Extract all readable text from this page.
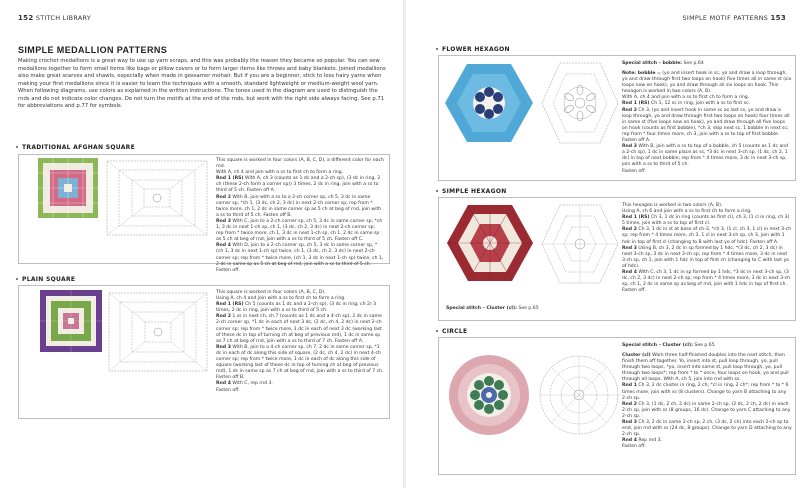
152 STITCH LIBRARY
SIMPLE MEDALLION PATTERNS
Making crochet medallions is a great way to use up yarn scraps, and this was probably the reason they became so popular. You can sew medallions together to form small items like bags or pillow covers or to form larger items like throws and baby blankets. Joined medallions also make great scarves and shawls, especially when made in gossamer mohair. But if you are a beginner, stick to less hairy yarns when making your first medallions since it is easier to learn the techniques with a smooth, standard lightweight or medium-weight wool yarn. When following diagrams, use colors as explained in the written instructions. The tones used in the diagram are used to distinguish the rnds and do not indicate color changes. Do not turn the motifs at the end of the rnds, but work with the right side always facing. See p.71 for abbreviations and p.77 for symbols.
TRADITIONAL AFGHAN SQUARE
This square is worked in four colors (A, B, C, D), a different color for each rnd.
With A, ch 4 and join with a ss to first ch to form a ring.
Rnd 1 (RS) With A, ch 3 (counts as 1 dc and a 2-ch sp), (3 dc in ring, 2 ch (these 2-ch form a corner sp)) 3 times, 2 dc in ring, join with a ss to third of 5 ch. Fasten off A.
Rnd 2 With B, join with a ss to a 2-ch corner sp, ch 5, 3 dc in same corner sp, *ch 1, (3 dc, ch 2, 3 dc) in next 2-ch corner sp; rep from * twice more, ch 1, 2 dc in same corner sp as 5 ch at beg of rnd, join with a ss to third of 5 ch. Fasten off B.
Rnd 3 With C, join to a 2-ch corner sp, ch 5, 3 dc in same corner sp, *ch 1, 3 dc in next 1-ch sp, ch 1, (3 dc, ch 2, 3 dc) in next 2-ch corner sp; rep from * twice more, ch 1, 3 dc in next 1-ch sp, ch 1, 2 dc in same sp as 5 ch at beg of rnd, join with a ss to third of 5 ch. Fasten off C.
Rnd 4 With D, join to a 2-ch corner sp, ch 5, 3 dc in same corner sp, *(ch 1, 3 dc in next 1-ch sp) twice, ch 1, (3 dc, ch 2, 3 dc) in next 2-ch corner sp; rep from * twice more, (ch 1, 3 dc in next 1-ch sp) twice, ch 1, 2 dc in same sp as 5 ch at beg of rnd, join with a ss to third of 5 ch.
Fasten off.
PLAIN SQUARE
This square is worked in four colors (A, B, C, D).
Using A, ch 4 and join with a ss to first ch to form a ring.
Rnd 1 (RS) Ch 5 (counts as 1 dc and a 2-ch sp), (3 dc in ring, ch 2) 3 times, 2 dc in ring, join with a ss to third of 5 ch.
Rnd 2 1 ss in next ch, ch 7 (counts as 1 dc and a 4-ch sp), 2 dc in same 2-ch corner sp, *1 dc in each of next 3 dc, (2 dc, ch 4, 2 dc) in next 2-ch corner sp; rep from * twice more, 1 dc in each of next 3 dc (working last of these dc in top of turning ch at beg of previous rnd), 1 dc in same sp as 7 ch at beg of rnd, join with a ss to third of 7 ch. Fasten off A.
Rnd 3 With B, join to a 4-ch corner sp, ch 7, 2 dc in same corner sp, *1 dc in each of dc along this side of square, (2 dc, ch 4, 2 dc) in next 4-ch corner sp; rep from * twice more, 1 dc in each of dc along this side of square (working last of these dc in top of turning ch at beg of previous rnd), 1 dc in same sp as 7 ch at beg of rnd, join with a ss to third of 7 ch. Fasten off B.
Rnd 4 With C, rep rnd 3.
Fasten off.
SIMPLE MOTIF PATTERNS 153
FLOWER HEXAGON
Special stitch – bobble: See p.64
Note: bobble = (yo and insert hook in sc, yo and draw a loop through, yo and draw through first two loops on hook) five times all in same st (six loops now on hook), yo and draw through all six loops on hook. This hexagon is worked in two colors (A, B).
With A, ch 4 and join with a ss to first ch to form a ring.
Rnd 1 (RS) Ch 1, 12 sc in ring, join with a ss to first sc.
Rnd 2 Ch 3, (yo and insert hook in same sc as last ss, yo and draw a loop through, yo and draw through first two loops on hook) four times all in same st (five loops now on hook), yo and draw through all five loops on hook (counts as first bobble), *ch 3, skip next sc, 1 bobble in next sc; rep from * four times more, ch 3, join with a ss to top of first bobble. Fasten off A.
Rnd 3 With B, join with a ss to top of a bobble, ch 5 (counts as 1 dc and a 2-ch sp), 1 dc in same place as ss, *3 dc in next 3-ch sp, (1 dc, ch 2, 1 dc) in top of next bobble; rep from * 4 times more, 3 dc in next 3-ch sp, join with a ss to third of 5 ch.
Fasten off.
SIMPLE HEXAGON
Special stitch – Cluster (cl): See p.65
This hexagon is worked in two colors (A, B).
Using A, ch 6 and join with a ss to first ch to form a ring.
Rnd 1 (RS) Ch 3, 1 dc in ring (counts as first cl), ch 3, (1 cl in ring, ch 3) 5 times, join with a ss to top of first cl.
Rnd 2 Ch 3, 1 dc in st at base of ch-3, *ch 3, (1 cl, ch 3, 1 cl) in next 3-ch sp; rep from * 4 times more, ch 3, 1 cl in next 3-ch sp, ch 3, join with 1 hdc in top of first cl (changing to B with last yo of hdc). Fasten off A.
Rnd 3 Using B, ch 3, 2 dc in sp formed by 1 hdc, *(3 dc, ch 2, 3 dc) in next 3-ch sp, 3 dc in next 3-ch sp; rep from * 4 times more, 3 dc in next 3-ch sp, ch 1, join with 1 hdc in top of first ch (changing to C with last yo of hdc).
Rnd 4 With C, ch 3, 1 dc in sp formed by 1 hdc, *3 dc in next 3-ch sp, (3 dc, ch 2, 3 dc) in next 2-ch sp; rep from * 4 times more, 3 dc in next 3-ch sp, ch 1, 2 dc in same sp as beg of rnd, join with 1 hdc in top of first ch.
Fasten off.
CIRCLE
Special stitch – Cluster (cl): See p.65
Cluster (cl) Work three half-finished doubles into the next stitch, then finish them off together. Yo, insert into st, pull loop through, yo, pull through two loops, *yo, insert into same st, pull loop through, yo, pull through two loops*; rep from * to * once, four loops on hook, yo and pull through all loops. With A, ch 5, join into rnd with ss.
Rnd 1 Ch 3, 2 dc cluster in ring, 2 ch; *cl in ring, 2 ch*; rep from * to * 6 times more, join with ss (8 clusters). Change to yarn B attaching to any 2-ch sp.
Rnd 2 Ch 3, (1 dc, 2 ch, 2 dc) in same 2-ch sp, (2 dc, 2 ch, 2 dc) in each 2-ch sp, join with ss (8 groups, 16 dc). Change to yarn C attaching to any 2-ch sp.
Rnd 3 Ch 3, 2 dc in same 2-ch sp, 2 ch, (3 dc, 2 ch) into each 2-ch sp to end, join rnd with ss (24 dc, 8 groups). Change to yarn D attaching to any 2-ch sp.
Rnd 4 Rep rnd 3.
Fasten off.
